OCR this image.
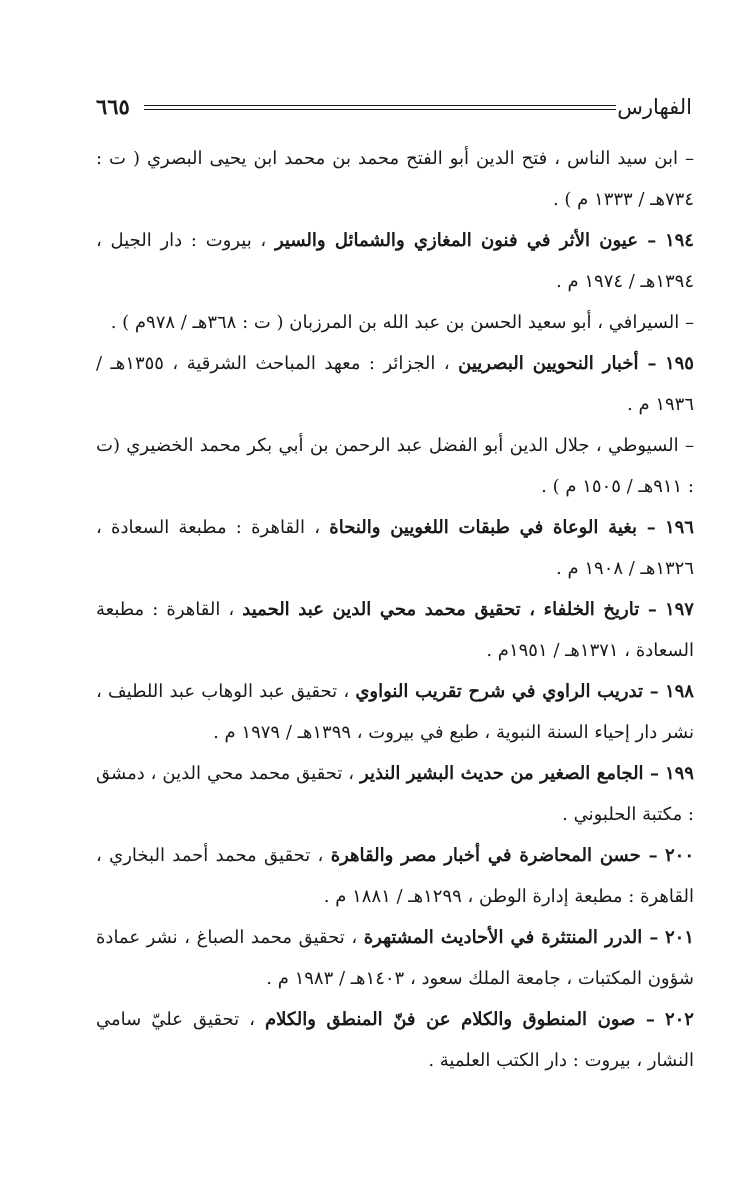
الفهارس
٦٦٥

– ابن سيد الناس ، فتح الدين أبو الفتح محمد بن محمد ابن يحيى البصري ( ت : ٧٣٤هـ / ١٣٣٣ م ) .

١٩٤ – عيون الأثر في فنون المغازي والشمائل والسير ، بيروت : دار الجيل ، ١٣٩٤هـ / ١٩٧٤ م .

– السيرافي ، أبو سعيد الحسن بن عبد الله بن المرزبان ( ت : ٣٦٨هـ / ٩٧٨م ) .

١٩٥ – أخبار النحويين البصريين ، الجزائر : معهد المباحث الشرقية ، ١٣٥٥هـ / ١٩٣٦ م .

– السيوطي ، جلال الدين أبو الفضل عبد الرحمن بن أبي بكر محمد الخضيري (ت : ٩١١هـ / ١٥٠٥ م ) .

١٩٦ – بغية الوعاة في طبقات اللغويين والنحاة ، القاهرة : مطبعة السعادة ، ١٣٢٦هـ / ١٩٠٨ م .

١٩٧ – تاريخ الخلفاء ، تحقيق محمد محي الدين عبد الحميد ، القاهرة : مطبعة السعادة ، ١٣٧١هـ / ١٩٥١م .

١٩٨ – تدريب الراوي في شرح تقريب النواوي ، تحقيق عبد الوهاب عبد اللطيف ، نشر دار إحياء السنة النبوية ، طبع في بيروت ، ١٣٩٩هـ / ١٩٧٩ م .

١٩٩ – الجامع الصغير من حديث البشير النذير ، تحقيق محمد محي الدين ، دمشق : مكتبة الحلبوني .

٢٠٠ – حسن المحاضرة في أخبار مصر والقاهرة ، تحقيق محمد أحمد البخاري ، القاهرة : مطبعة إدارة الوطن ، ١٢٩٩هـ / ١٨٨١ م .

٢٠١ – الدرر المنتثرة في الأحاديث المشتهرة ، تحقيق محمد الصباغ ، نشر عمادة شؤون المكتبات ، جامعة الملك سعود ، ١٤٠٣هـ / ١٩٨٣ م .

٢٠٢ – صون المنطوق والكلام عن فنّ المنطق والكلام ، تحقيق عليّ سامي النشار ، بيروت : دار الكتب العلمية .
